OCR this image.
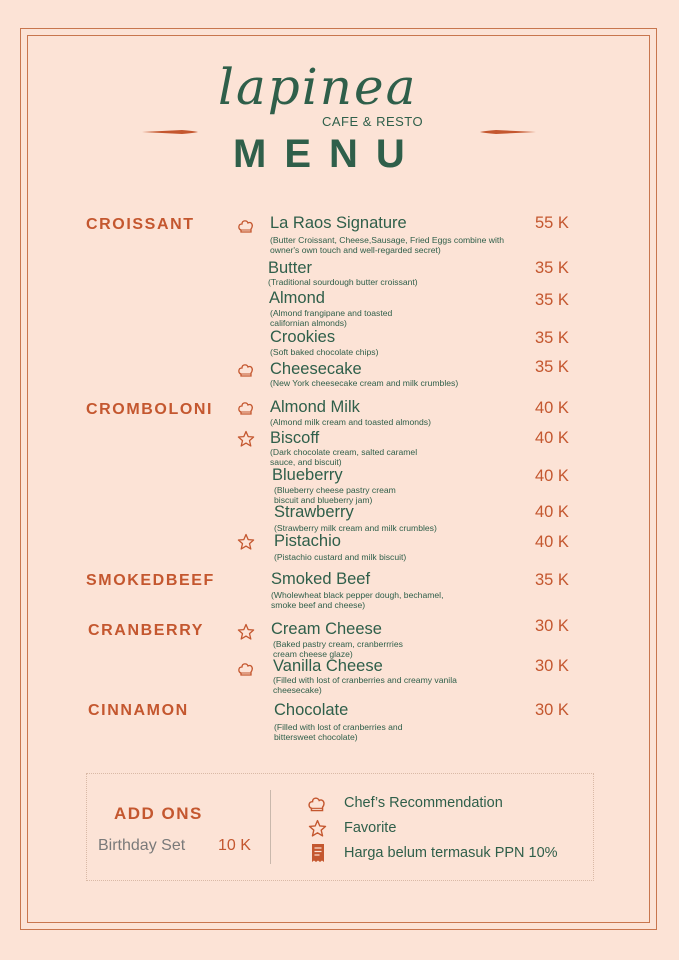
lapinea
CAFE & RESTO
MENU
CROISSANT
CROMBOLONI
SMOKEDBEEF
CRANBERRY
CINNAMON
La Raos Signature
(Butter Croissant, Cheese,Sausage, Fried Eggs combine with owner's own touch and well-regarded secret)
55 K
Butter
(Traditional sourdough butter croissant)
35 K
Almond
(Almond frangipane and toasted californian almonds)
35 K
Crookies
(Soft baked chocolate chips)
35 K
Cheesecake
(New York cheesecake cream and milk crumbles)
35 K
Almond Milk
(Almond milk cream and toasted almonds)
40 K
Biscoff
(Dark chocolate cream, salted caramel sauce, and biscuit)
40 K
Blueberry
(Blueberry cheese pastry cream biscuit and blueberry jam)
40 K
Strawberry
(Strawberry milk cream and milk crumbles)
40 K
Pistachio
(Pistachio custard and milk biscuit)
40 K
Smoked Beef
(Wholewheat black pepper dough, bechamel, smoke beef and cheese)
35 K
Cream Cheese
(Baked pastry cream, cranberrries cream cheese glaze)
30 K
Vanilla Cheese
(Filled with lost of cranberries and creamy vanila cheesecake)
30 K
Chocolate
(Filled with lost of cranberries and bittersweet chocolate)
30 K
ADD ONS
Birthday Set 10 K
Chef’s Recommendation
Favorite
Harga belum termasuk PPN 10%
